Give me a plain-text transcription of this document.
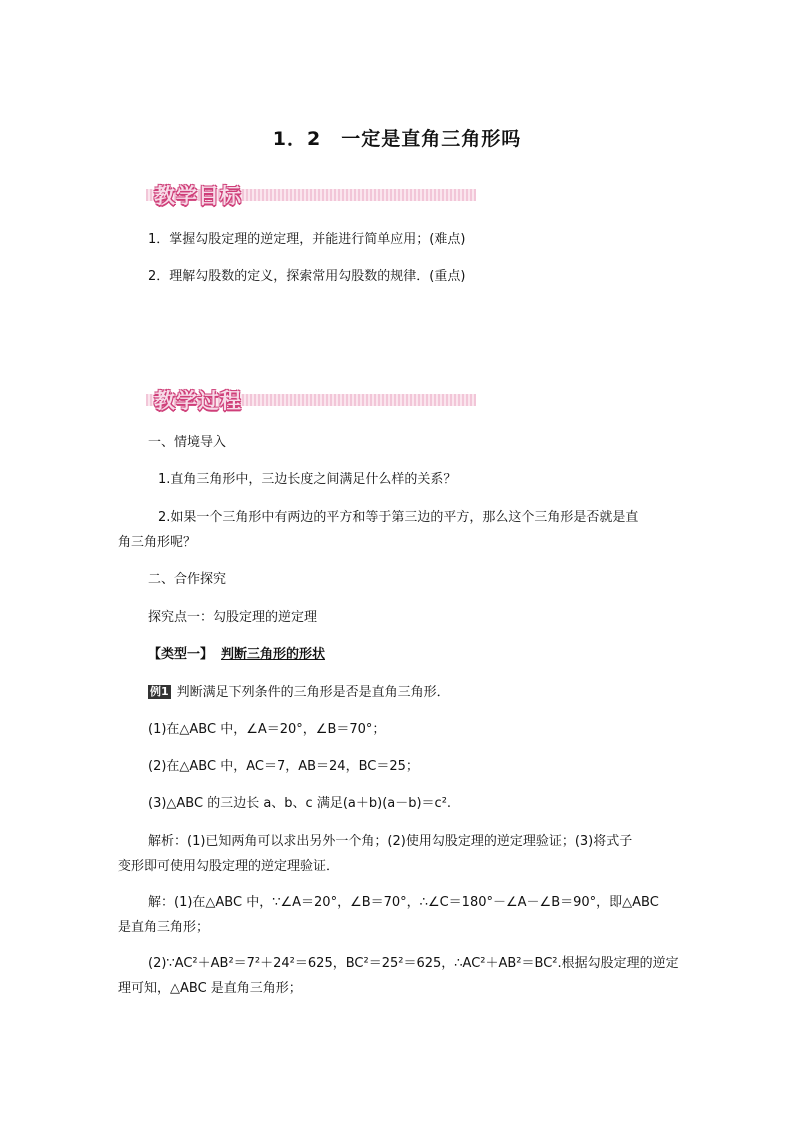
1．2　一定是直角三角形吗
教学目标
1．掌握勾股定理的逆定理，并能进行简单应用；(难点)
2．理解勾股数的定义，探索常用勾股数的规律．(重点)
教学过程
一、情境导入
1.直角三角形中，三边长度之间满足什么样的关系？
2.如果一个三角形中有两边的平方和等于第三边的平方，那么这个三角形是否就是直
角三角形呢？
二、合作探究
探究点一：勾股定理的逆定理
【类型一】 判断三角形的形状
例1 判断满足下列条件的三角形是否是直角三角形．
(1)在△ABC 中，∠A＝20°，∠B＝70°；
(2)在△ABC 中，AC＝7，AB＝24，BC＝25；
(3)△ABC 的三边长 a、b、c 满足(a＋b)(a－b)＝c².
解析：(1)已知两角可以求出另外一个角；(2)使用勾股定理的逆定理验证；(3)将式子
变形即可使用勾股定理的逆定理验证．
解：(1)在△ABC 中，∵∠A＝20°，∠B＝70°，∴∠C＝180°－∠A－∠B＝90°，即△ABC
是直角三角形；
(2)∵AC²＋AB²＝7²＋24²＝625，BC²＝25²＝625，∴AC²＋AB²＝BC².根据勾股定理的逆定
理可知，△ABC 是直角三角形；
